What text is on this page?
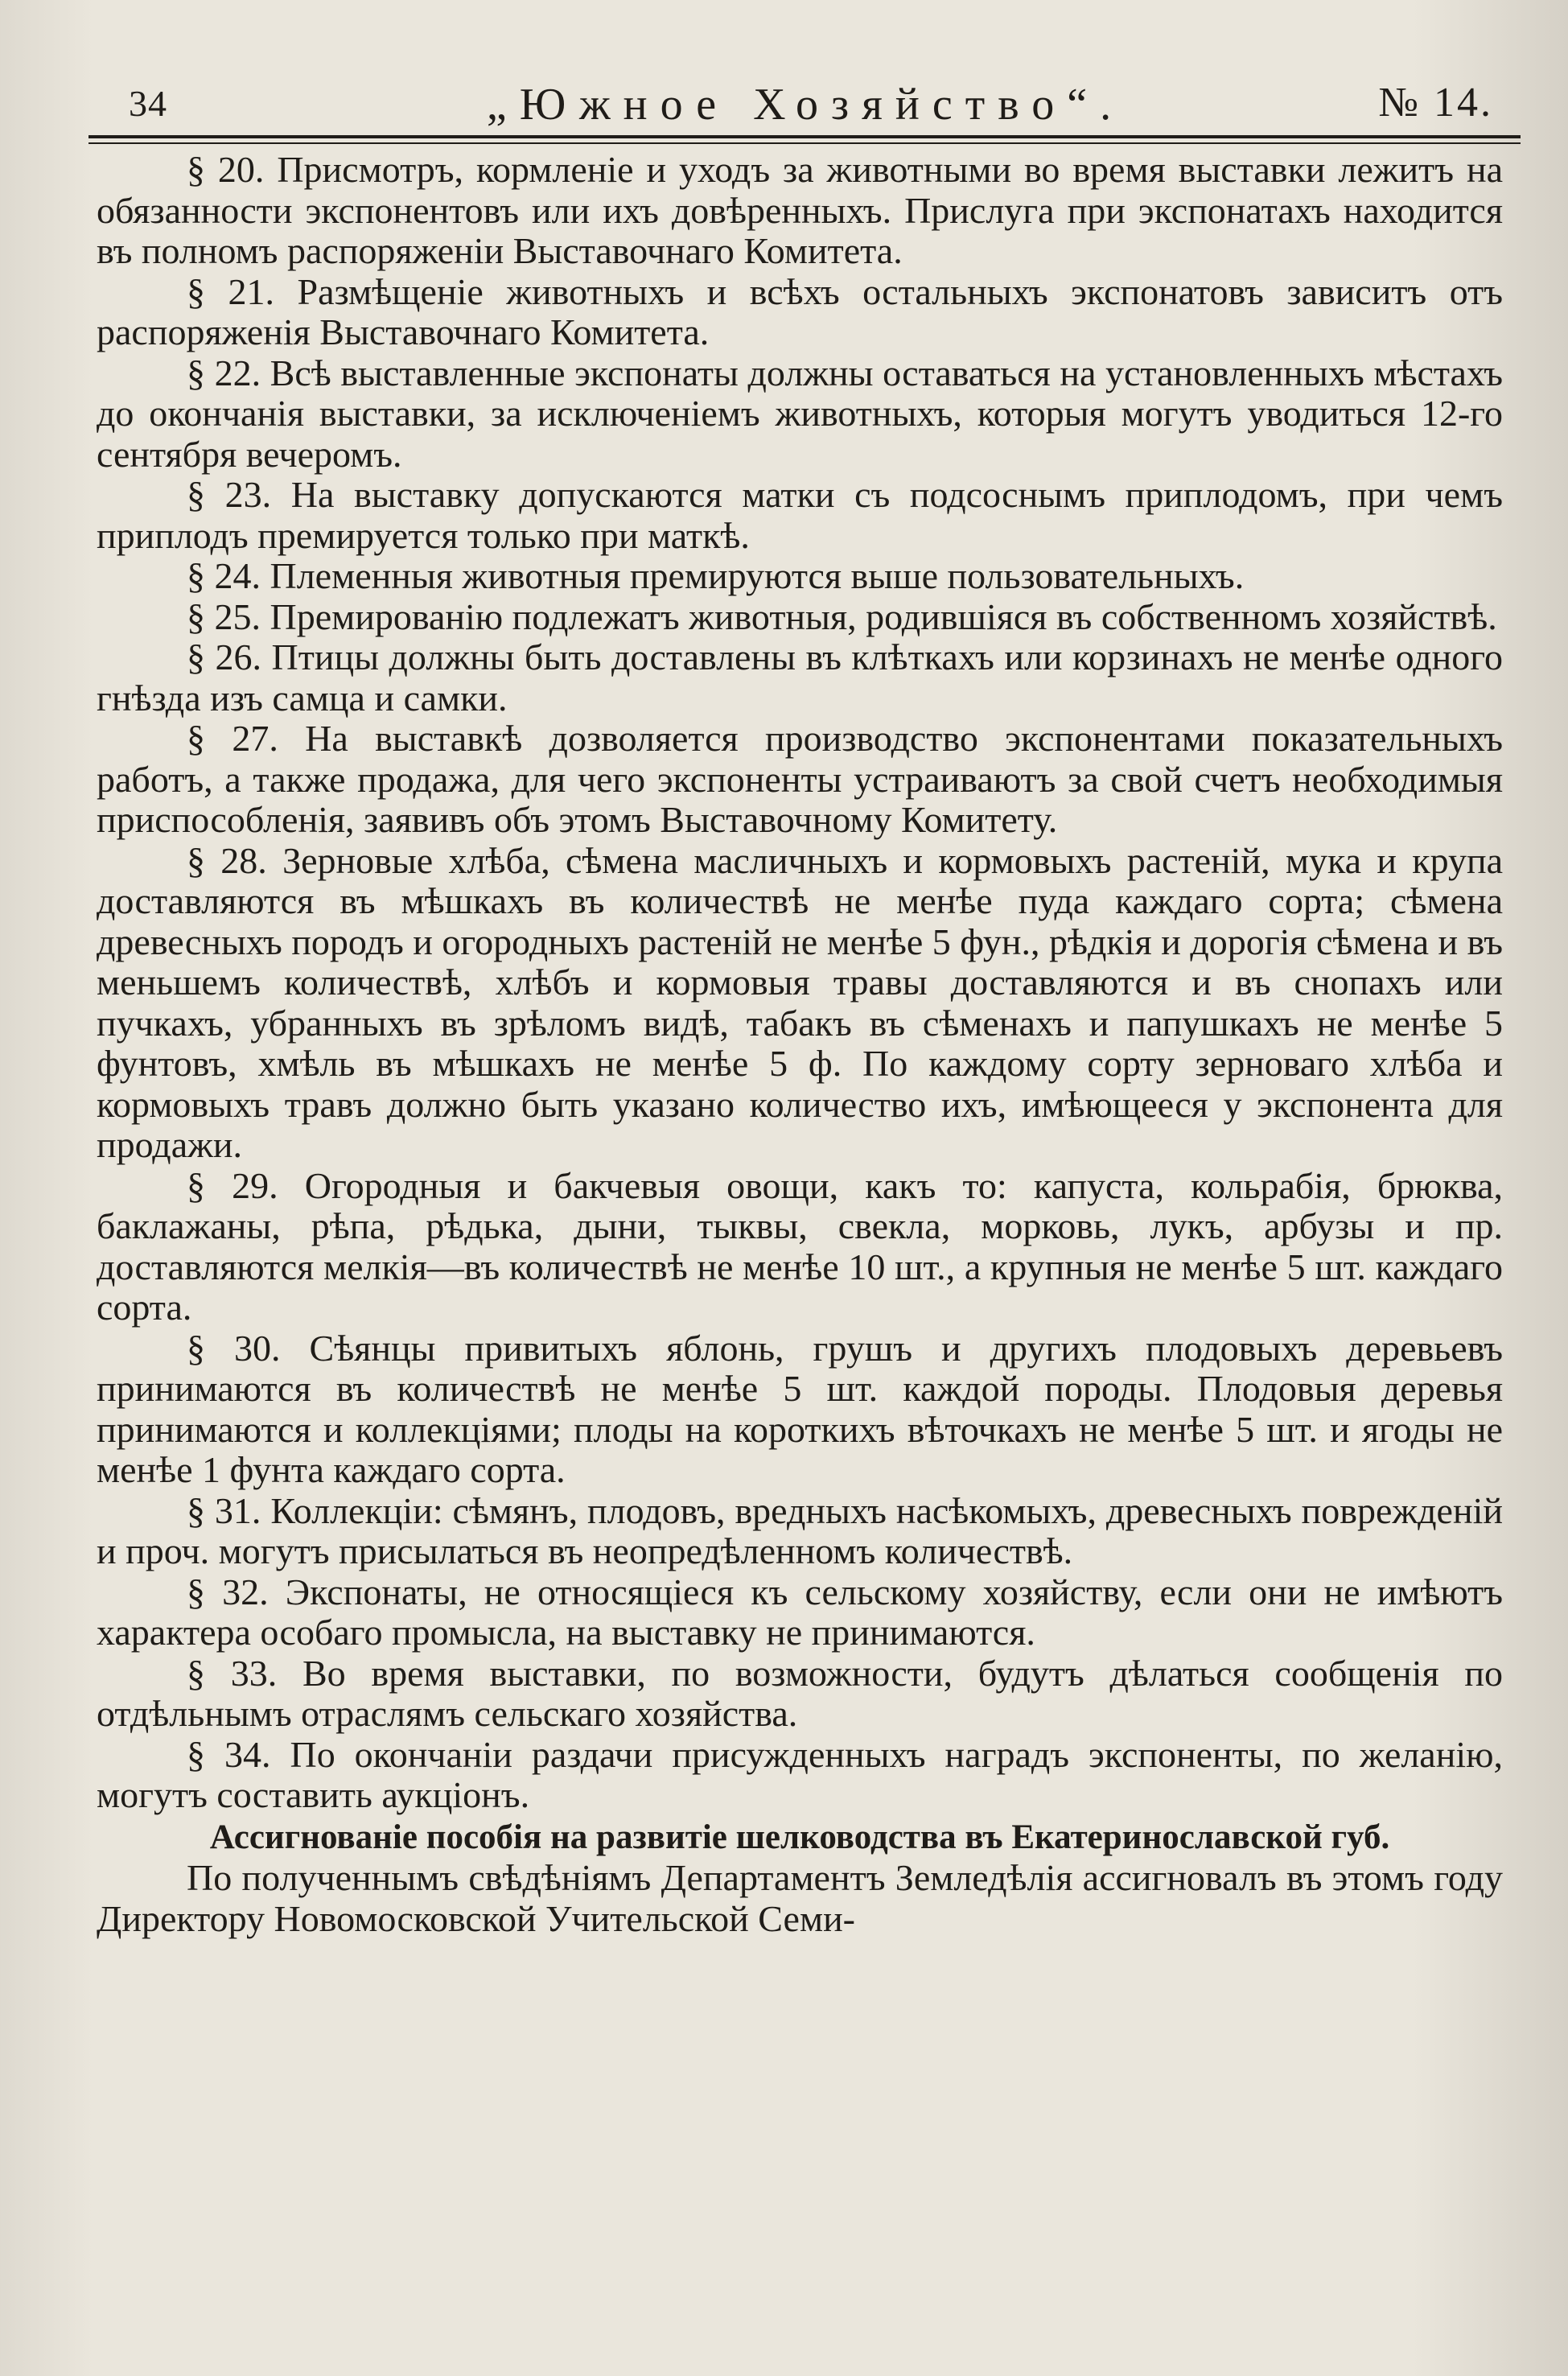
34	„Южное Хозяйство“.	№ 14.

§ 20. Присмотръ, кормленіе и уходъ за животными во время выставки лежитъ на обязанности экспонентовъ или ихъ довѣренныхъ. Прислуга при экспонатахъ находится въ полномъ распоряженіи Выставочнаго Комитета.

§ 21. Размѣщеніе животныхъ и всѣхъ остальныхъ экспонатовъ зависитъ отъ распоряженія Выставочнаго Комитета.

§ 22. Всѣ выставленные экспонаты должны оставаться на установленныхъ мѣстахъ до окончанія выставки, за исключеніемъ животныхъ, которыя могутъ уводиться 12-го сентября вечеромъ.

§ 23. На выставку допускаются матки съ подсоснымъ приплодомъ, при чемъ приплодъ премируется только при маткѣ.

§ 24. Племенныя животныя премируются выше пользовательныхъ.

§ 25. Премированію подлежатъ животныя, родившіяся въ собственномъ хозяйствѣ.

§ 26. Птицы должны быть доставлены въ клѣткахъ или корзинахъ не менѣе одного гнѣзда изъ самца и самки.

§ 27. На выставкѣ дозволяется производство экспонентами показательныхъ работъ, а также продажа, для чего экспоненты устраиваютъ за свой счетъ необходимыя приспособленія, заявивъ объ этомъ Выставочному Комитету.

§ 28. Зерновые хлѣба, сѣмена масличныхъ и кормовыхъ растеній, мука и крупа доставляются въ мѣшкахъ въ количествѣ не менѣе пуда каждаго сорта; сѣмена древесныхъ породъ и огородныхъ растеній не менѣе 5 фун., рѣдкія и дорогія сѣмена и въ меньшемъ количествѣ, хлѣбъ и кормовыя травы доставляются и въ снопахъ или пучкахъ, убранныхъ въ зрѣломъ видѣ, табакъ въ сѣменахъ и папушкахъ не менѣе 5 фунтовъ, хмѣль въ мѣшкахъ не менѣе 5 ф. По каждому сорту зерноваго хлѣба и кормовыхъ травъ должно быть указано количество ихъ, имѣющееся у экспонента для продажи.

§ 29. Огородныя и бакчевыя овощи, какъ то: капуста, кольрабія, брюква, баклажаны, рѣпа, рѣдька, дыни, тыквы, свекла, морковь, лукъ, арбузы и пр. доставляются мелкія—въ количествѣ не менѣе 10 шт., а крупныя не менѣе 5 шт. каждаго сорта.

§ 30. Сѣянцы привитыхъ яблонь, грушъ и другихъ плодовыхъ деревьевъ принимаются въ количествѣ не менѣе 5 шт. каждой породы. Плодовыя деревья принимаются и коллекціями; плоды на короткихъ вѣточкахъ не менѣе 5 шт. и ягоды не менѣе 1 фунта каждаго сорта.

§ 31. Коллекціи: сѣмянъ, плодовъ, вредныхъ насѣкомыхъ, древесныхъ поврежденій и проч. могутъ присылаться въ неопредѣленномъ количествѣ.

§ 32. Экспонаты, не относящіеся къ сельскому хозяйству, если они не имѣютъ характера особаго промысла, на выставку не принимаются.

§ 33. Во время выставки, по возможности, будутъ дѣлаться сообщенія по отдѣльнымъ отраслямъ сельскаго хозяйства.

§ 34. По окончаніи раздачи присужденныхъ наградъ экспоненты, по желанію, могутъ составить аукціонъ.

Ассигнованіе пособія на развитіе шелководства въ Екатеринославской губ.

По полученнымъ свѣдѣніямъ Департаментъ Земледѣлія ассигновалъ въ этомъ году Директору Новомосковской Учительской Семи-
